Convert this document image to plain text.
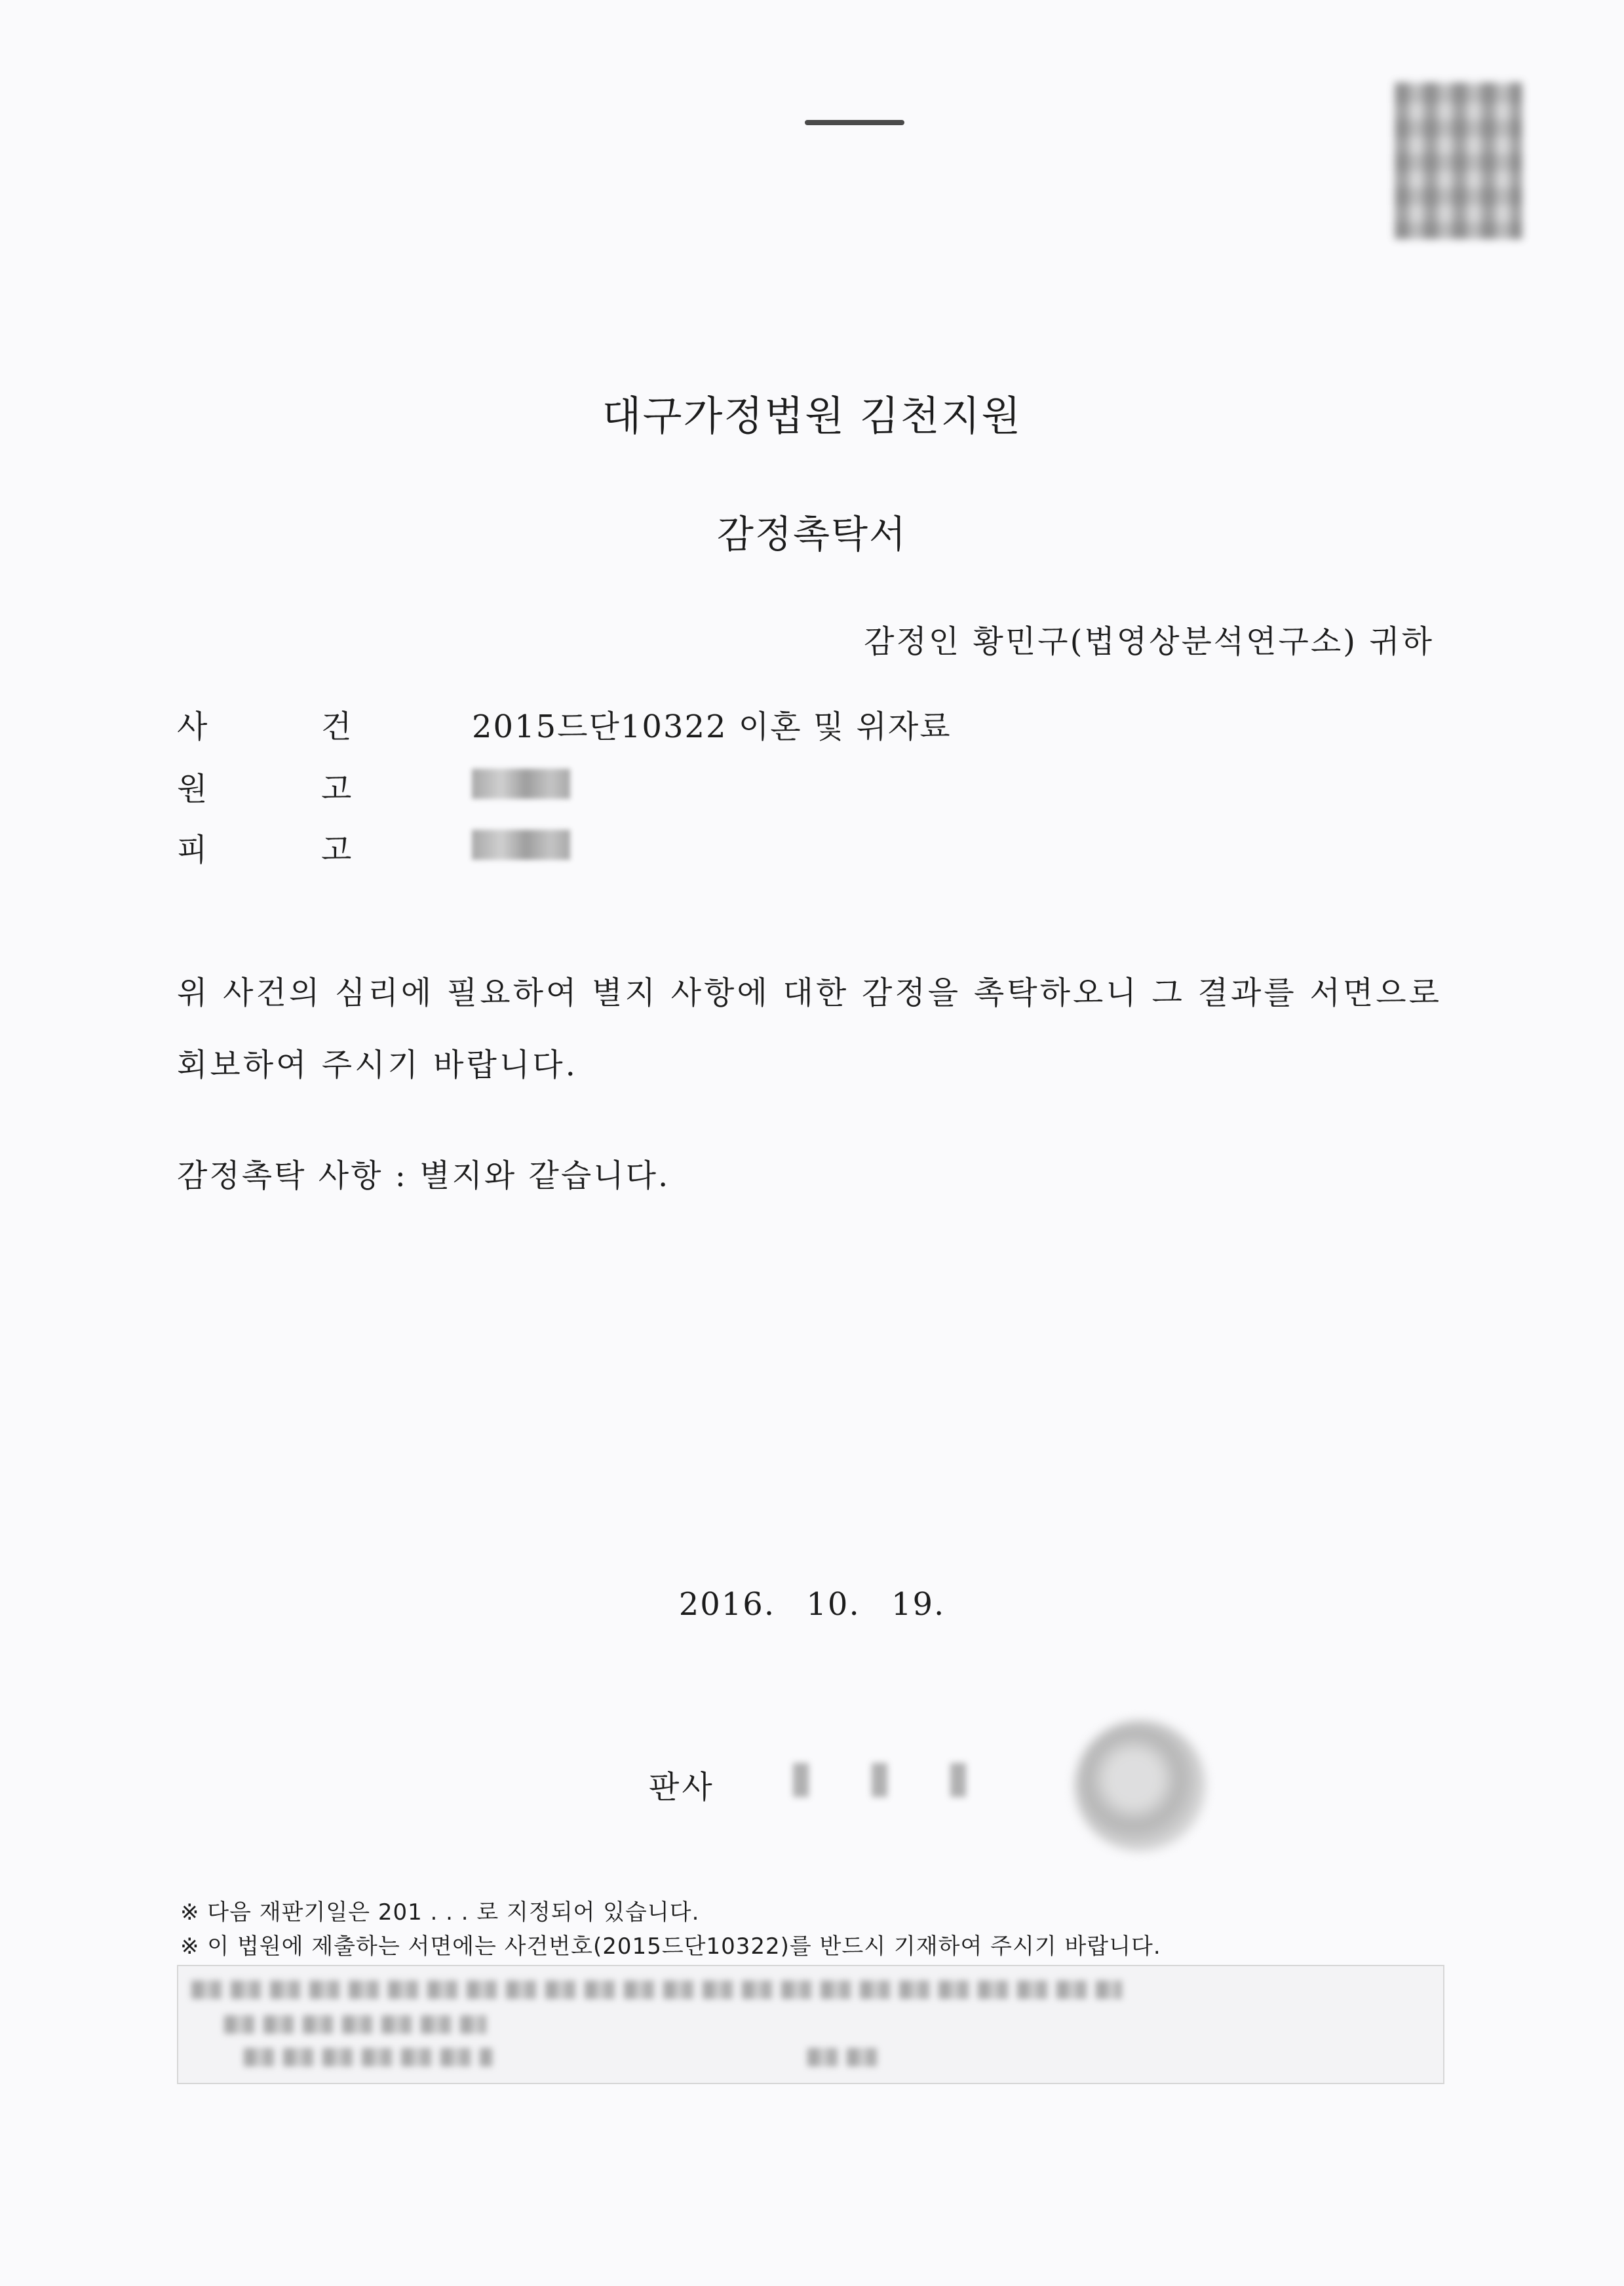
대구가정법원 김천지원
감정촉탁서
감정인 황민구(법영상분석연구소) 귀하
사	건	2015드단10322 이혼 및 위자료
원	고
피	고
위 사건의 심리에 필요하여 별지 사항에 대한 감정을 촉탁하오니 그 결과를 서면으로 회보하여 주시기 바랍니다.
감정촉탁 사항 : 별지와 같습니다.
2016. 10. 19.
판사
※ 다음 재판기일은 201 . . . 로 지정되어 있습니다.
※ 이 법원에 제출하는 서면에는 사건번호(2015드단10322)를 반드시 기재하여 주시기 바랍니다.
